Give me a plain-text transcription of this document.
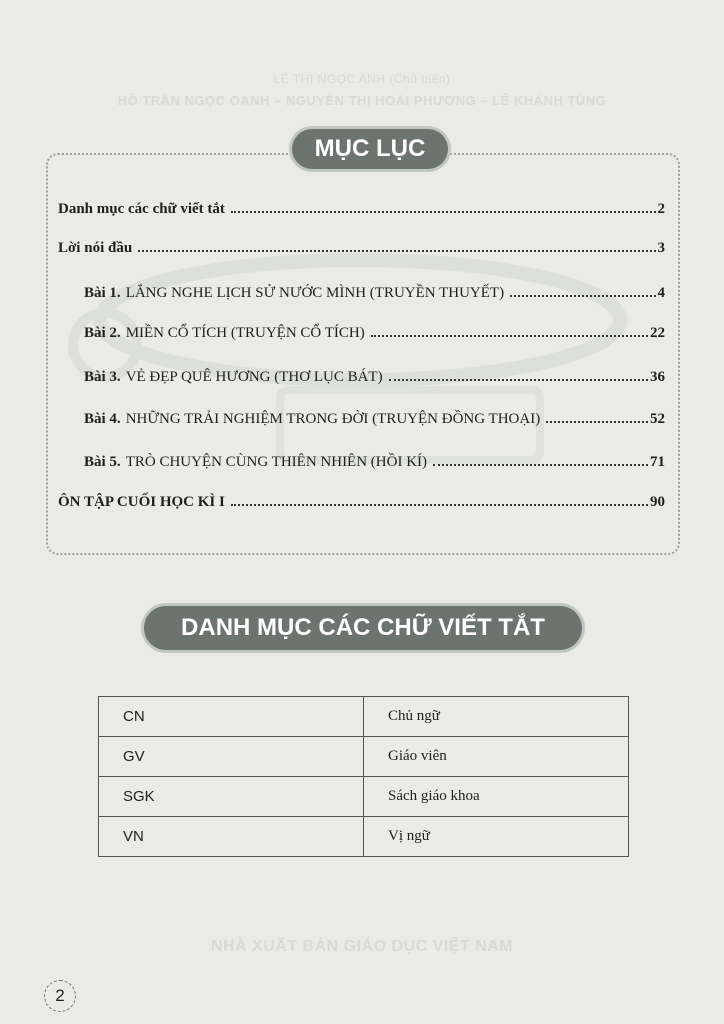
LÊ THỊ NGỌC ANH (Chủ biên)
HỒ TRẦN NGỌC OANH – NGUYỄN THỊ HOÀI PHƯƠNG – LÊ KHÁNH TÙNG
MỤC LỤC
Danh mục các chữ viết tắt	2
Lời nói đầu	3
Bài 1. LẮNG NGHE LỊCH SỬ NƯỚC MÌNH (TRUYỀN THUYẾT)	4
Bài 2. MIỀN CỔ TÍCH (TRUYỆN CỔ TÍCH)	22
Bài 3. VẺ ĐẸP QUÊ HƯƠNG (THƠ LỤC BÁT)	36
Bài 4. NHỮNG TRẢI NGHIỆM TRONG ĐỜI (TRUYỆN ĐỒNG THOẠI)	52
Bài 5. TRÒ CHUYỆN CÙNG THIÊN NHIÊN (HỒI KÍ)	71
ÔN TẬP CUỐI HỌC KÌ I	90
DANH MỤC CÁC CHỮ VIẾT TẮT
CN	Chủ ngữ
GV	Giáo viên
SGK	Sách giáo khoa
VN	Vị ngữ
NHÀ XUẤT BẢN GIÁO DỤC VIỆT NAM
2
